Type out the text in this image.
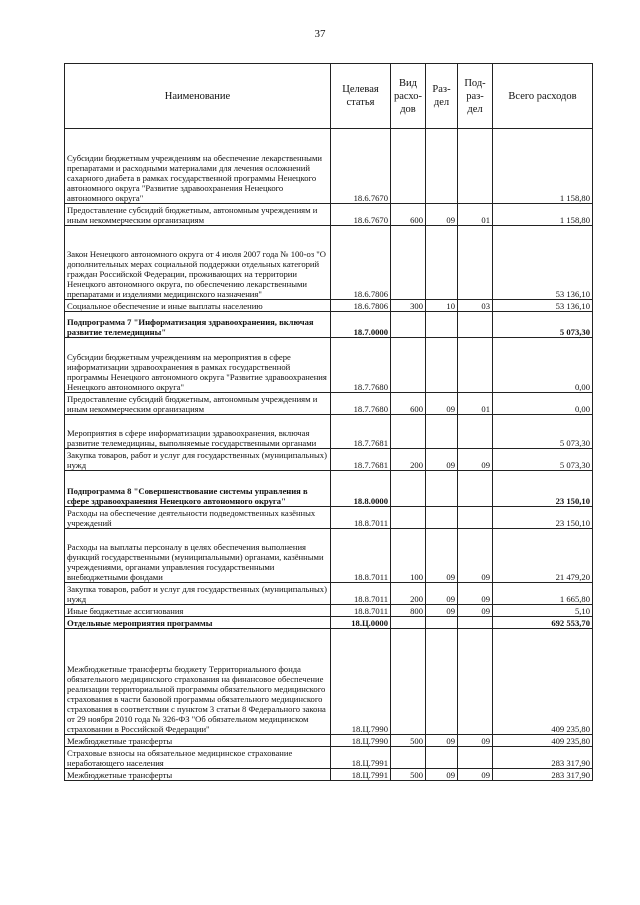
37
Наименование	Целевая статья	Вид расхо-дов	Раз-дел	Под-раз-дел	Всего расходов
Субсидии бюджетным учреждениям на обеспечение лекарственными препаратами и расходными материалами для лечения осложнений сахарного диабета в рамках государственной программы Ненецкого автономного округа "Развитие здравоохранения Ненецкого автономного округа"	18.6.7670				1 158,80
Предоставление субсидий бюджетным, автономным учреждениям и иным некоммерческим организациям	18.6.7670	600	09	01	1 158,80
Закон Ненецкого автономного округа от 4 июля 2007 года № 100-оз "О дополнительных мерах социальной поддержки отдельных категорий граждан Российской Федерации, проживающих на территории Ненецкого автономного округа, по обеспечению лекарственными препаратами и изделиями медицинского назначения"	18.6.7806				53 136,10
Социальное обеспечение и иные выплаты населению	18.6.7806	300	10	03	53 136,10
Подпрограмма 7 "Информатизация здравоохранения, включая развитие телемедицины"	18.7.0000				5 073,30
Субсидии бюджетным учреждениям на мероприятия в сфере информатизации здравоохранения в рамках государственной программы Ненецкого автономного округа "Развитие здравоохранения Ненецкого автономного округа"	18.7.7680				0,00
Предоставление субсидий бюджетным, автономным учреждениям и иным некоммерческим организациям	18.7.7680	600	09	01	0,00
Мероприятия в сфере информатизации здравоохранения, включая развитие телемедицины, выполняемые государственными органами	18.7.7681				5 073,30
Закупка товаров, работ и услуг для государственных (муниципальных) нужд	18.7.7681	200	09	09	5 073,30
Подпрограмма 8 "Совершенствование системы управления в сфере здравоохранения Ненецкого автономного округа"	18.8.0000				23 150,10
Расходы на обеспечение деятельности подведомственных казённых учреждений	18.8.7011				23 150,10
Расходы на выплаты персоналу в целях обеспечения выполнения функций государственными (муниципальными) органами, казёнными учреждениями, органами управления государственными внебюджетными фондами	18.8.7011	100	09	09	21 479,20
Закупка товаров, работ и услуг для государственных (муниципальных) нужд	18.8.7011	200	09	09	1 665,80
Иные бюджетные ассигнования	18.8.7011	800	09	09	5,10
Отдельные мероприятия программы	18.Ц.0000				692 553,70
Межбюджетные трансферты бюджету Территориального фонда обязательного медицинского страхования на финансовое обеспечение реализации территориальной программы обязательного медицинского страхования в части базовой программы обязательного медицинского страхования в соответствии с пунктом 3 статьи 8 Федерального закона от 29 ноября 2010 года № 326-ФЗ "Об обязательном медицинском страховании в Российской Федерации"	18.Ц.7990				409 235,80
Межбюджетные трансферты	18.Ц.7990	500	09	09	409 235,80
Страховые взносы на обязательное медицинское страхование неработающего населения	18.Ц.7991				283 317,90
Межбюджетные трансферты	18.Ц.7991	500	09	09	283 317,90
